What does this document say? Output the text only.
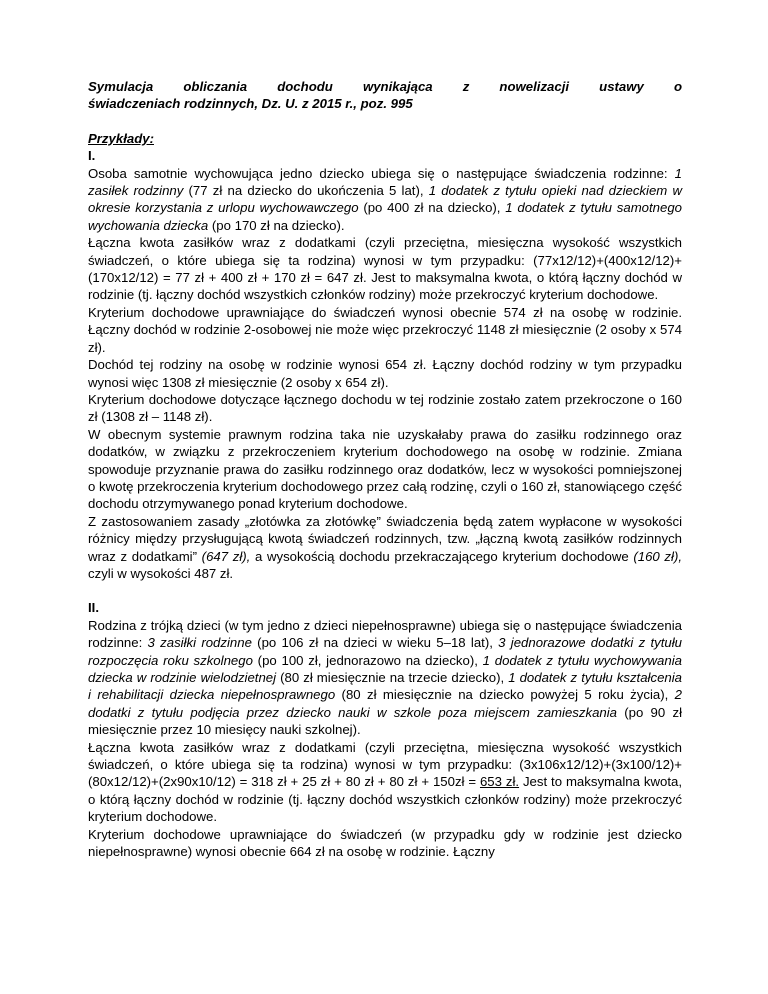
Symulacja obliczania dochodu wynikająca z nowelizacji ustawy o
świadczeniach rodzinnych, Dz. U. z 2015 r., poz. 995
Przykłady:
I.

Osoba samotnie wychowująca jedno dziecko ubiega się o następujące świadczenia rodzinne: 1 zasiłek rodzinny (77 zł na dziecko do ukończenia 5 lat), 1 dodatek z tytułu opieki nad dzieckiem w okresie korzystania z urlopu wychowawczego (po 400 zł na dziecko), 1 dodatek z tytułu samotnego wychowania dziecka (po 170 zł na dziecko).

Łączna kwota zasiłków wraz z dodatkami (czyli przeciętna, miesięczna wysokość wszystkich świadczeń, o które ubiega się ta rodzina) wynosi w tym przypadku: (77x12/12)+(400x12/12)+(170x12/12) = 77 zł + 400 zł + 170 zł = 647 zł. Jest to maksymalna kwota, o którą łączny dochód w rodzinie (tj. łączny dochód wszystkich członków rodziny) może przekroczyć kryterium dochodowe.

Kryterium dochodowe uprawniające do świadczeń wynosi obecnie 574 zł na osobę w rodzinie. Łączny dochód w rodzinie 2-osobowej nie może więc przekroczyć 1148 zł miesięcznie (2 osoby x 574 zł).

Dochód tej rodziny na osobę w rodzinie wynosi 654 zł. Łączny dochód rodziny w tym przypadku wynosi więc 1308 zł miesięcznie (2 osoby x 654 zł).

Kryterium dochodowe dotyczące łącznego dochodu w tej rodzinie zostało zatem przekroczone o 160 zł (1308 zł – 1148 zł).

W obecnym systemie prawnym rodzina taka nie uzyskałaby prawa do zasiłku rodzinnego oraz dodatków, w związku z przekroczeniem kryterium dochodowego na osobę w rodzinie. Zmiana spowoduje przyznanie prawa do zasiłku rodzinnego oraz dodatków, lecz w wysokości pomniejszonej o kwotę przekroczenia kryterium dochodowego przez całą rodzinę, czyli o 160 zł, stanowiącego część dochodu otrzymywanego ponad kryterium dochodowe.

Z zastosowaniem zasady „złotówka za złotówkę” świadczenia będą zatem wypłacone w wysokości różnicy między przysługującą kwotą świadczeń rodzinnych, tzw. „łączną kwotą zasiłków rodzinnych wraz z dodatkami” (647 zł), a wysokością dochodu przekraczającego kryterium dochodowe (160 zł), czyli w wysokości 487 zł.

II.

Rodzina z trójką dzieci (w tym jedno z dzieci niepełnosprawne) ubiega się o następujące świadczenia rodzinne: 3 zasiłki rodzinne (po 106 zł na dzieci w wieku 5–18 lat), 3 jednorazowe dodatki z tytułu rozpoczęcia roku szkolnego (po 100 zł, jednorazowo na dziecko), 1 dodatek z tytułu wychowywania dziecka w rodzinie wielodzietnej (80 zł miesięcznie na trzecie dziecko), 1 dodatek z tytułu kształcenia i rehabilitacji dziecka niepełnosprawnego (80 zł miesięcznie na dziecko powyżej 5 roku życia), 2 dodatki z tytułu podjęcia przez dziecko nauki w szkole poza miejscem zamieszkania (po 90 zł miesięcznie przez 10 miesięcy nauki szkolnej).

Łączna kwota zasiłków wraz z dodatkami (czyli przeciętna, miesięczna wysokość wszystkich świadczeń, o które ubiega się ta rodzina) wynosi w tym przypadku: (3x106x12/12)+(3x100/12)+(80x12/12)+(2x90x10/12) = 318 zł + 25 zł + 80 zł + 80 zł + 150zł = 653 zł. Jest to maksymalna kwota, o którą łączny dochód w rodzinie (tj. łączny dochód wszystkich członków rodziny) może przekroczyć kryterium dochodowe.

Kryterium dochodowe uprawniające do świadczeń (w przypadku gdy w rodzinie jest dziecko niepełnosprawne) wynosi obecnie 664 zł na osobę w rodzinie. Łączny
